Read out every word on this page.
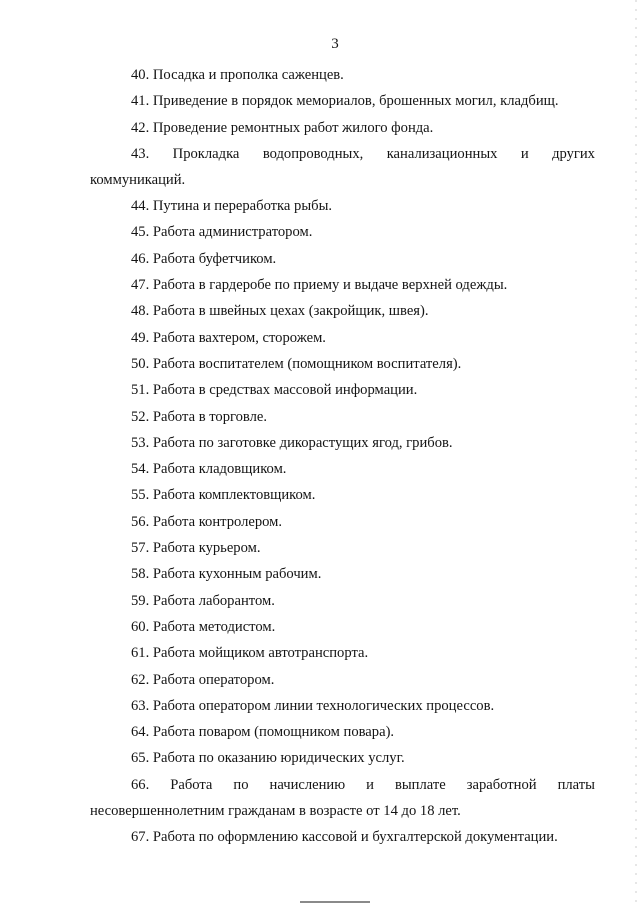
3
40. Посадка и прополка саженцев.
41. Приведение в порядок мемориалов, брошенных могил, кладбищ.
42. Проведение ремонтных работ жилого фонда.
43. Прокладка водопроводных, канализационных и других
коммуникаций.
44. Путина и переработка рыбы.
45. Работа администратором.
46. Работа буфетчиком.
47. Работа в гардеробе по приему и выдаче верхней одежды.
48. Работа в швейных цехах (закройщик, швея).
49. Работа вахтером, сторожем.
50. Работа воспитателем (помощником воспитателя).
51. Работа в средствах массовой информации.
52. Работа в торговле.
53. Работа по заготовке дикорастущих ягод, грибов.
54. Работа кладовщиком.
55. Работа комплектовщиком.
56. Работа контролером.
57. Работа курьером.
58. Работа кухонным рабочим.
59. Работа лаборантом.
60. Работа методистом.
61. Работа мойщиком автотранспорта.
62. Работа оператором.
63. Работа оператором линии технологических процессов.
64. Работа поваром (помощником повара).
65. Работа по оказанию юридических услуг.
66. Работа по начислению и выплате заработной платы
несовершеннолетним гражданам в возрасте от 14 до 18 лет.
67. Работа по оформлению кассовой и бухгалтерской документации.
